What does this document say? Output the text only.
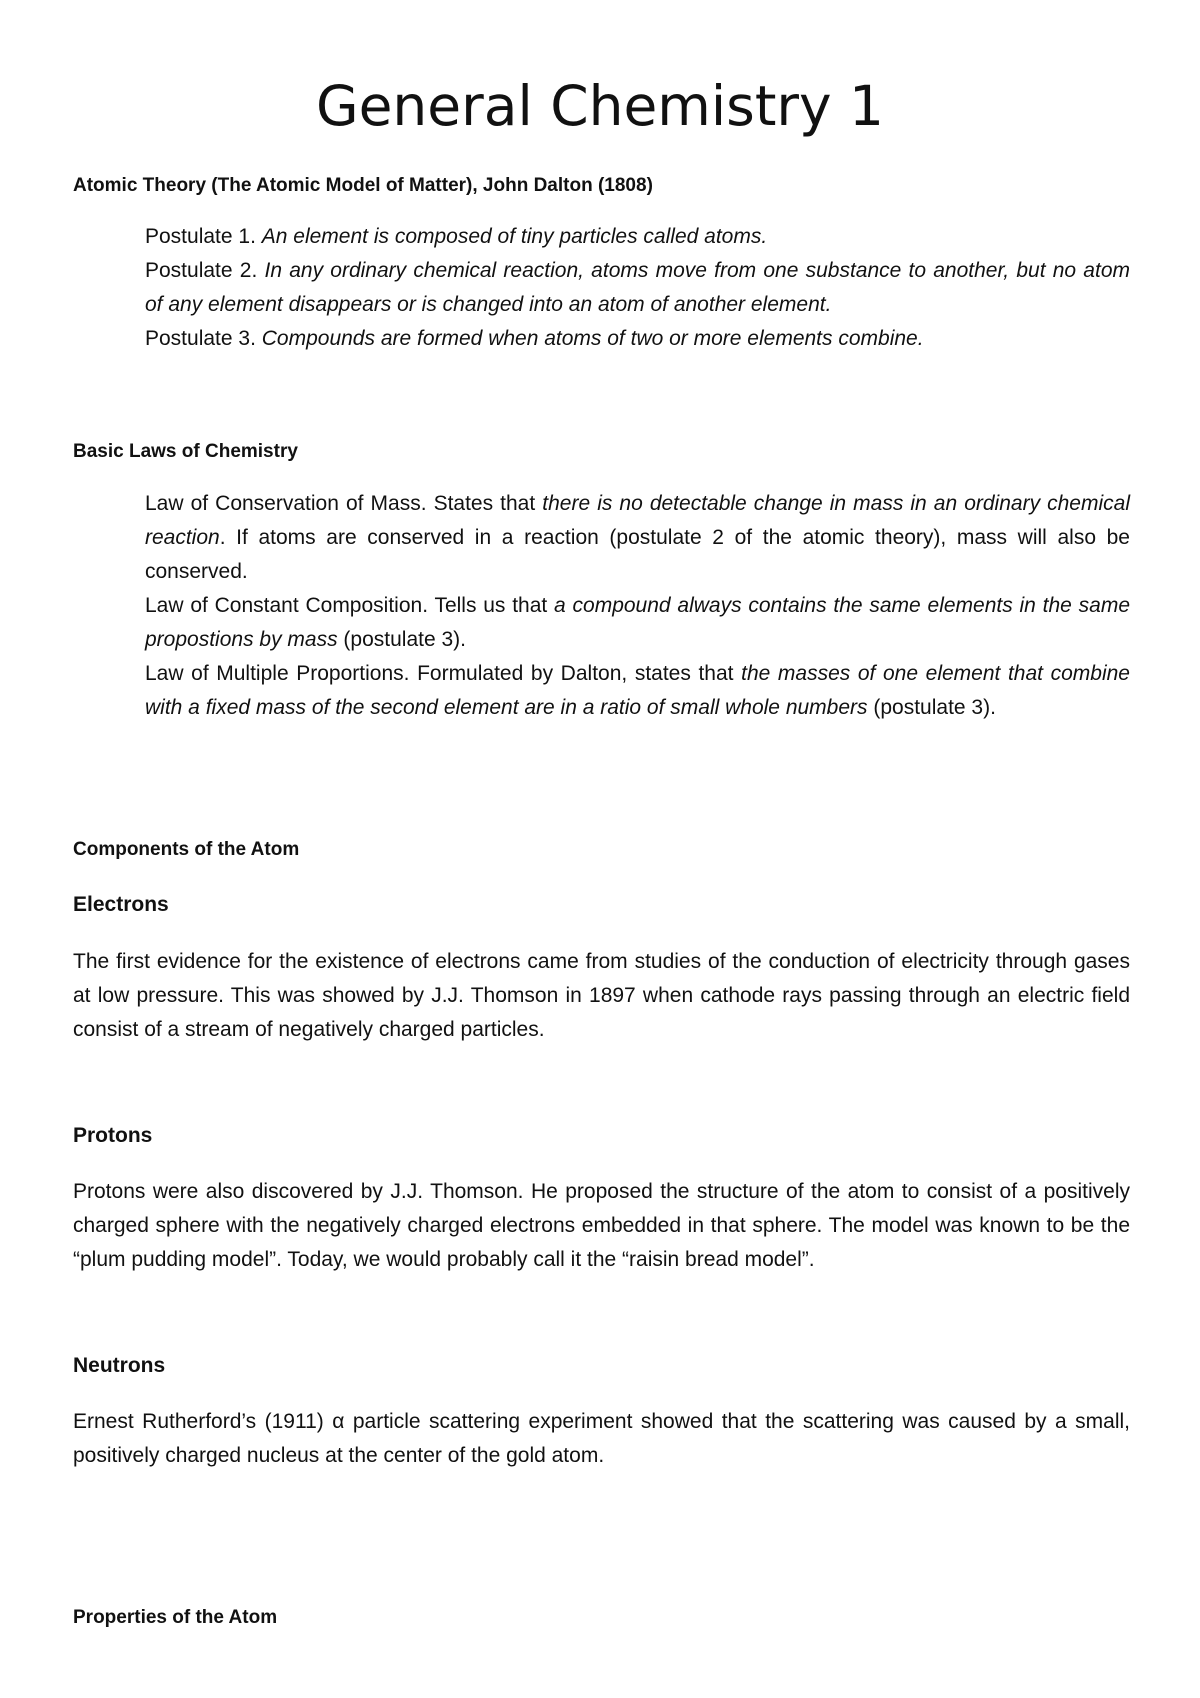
General Chemistry 1
Atomic Theory (The Atomic Model of Matter), John Dalton (1808)

Postulate 1. An element is composed of tiny particles called atoms.

Postulate 2. In any ordinary chemical reaction, atoms move from one substance to another, but no atom of any element disappears or is changed into an atom of another element.

Postulate 3. Compounds are formed when atoms of two or more elements combine.

Basic Laws of Chemistry

Law of Conservation of Mass. States that there is no detectable change in mass in an ordinary chemical reaction. If atoms are conserved in a reaction (postulate 2 of the atomic theory), mass will also be conserved.

Law of Constant Composition. Tells us that a compound always contains the same elements in the same propostions by mass (postulate 3).

Law of Multiple Proportions. Formulated by Dalton, states that the masses of one element that combine with a fixed mass of the second element are in a ratio of small whole numbers (postulate 3).

Components of the Atom
Electrons

The first evidence for the existence of electrons came from studies of the conduction of electricity through gases at low pressure. This was showed by J.J. Thomson in 1897 when cathode rays passing through an electric field consist of a stream of negatively charged particles.

Protons

Protons were also discovered by J.J. Thomson. He proposed the structure of the atom to consist of a positively charged sphere with the negatively charged electrons embedded in that sphere. The model was known to be the “plum pudding model”. Today, we would probably call it the “raisin bread model”.

Neutrons

Ernest Rutherford’s (1911) α particle scattering experiment showed that the scattering was caused by a small, positively charged nucleus at the center of the gold atom.

Properties of the Atom
